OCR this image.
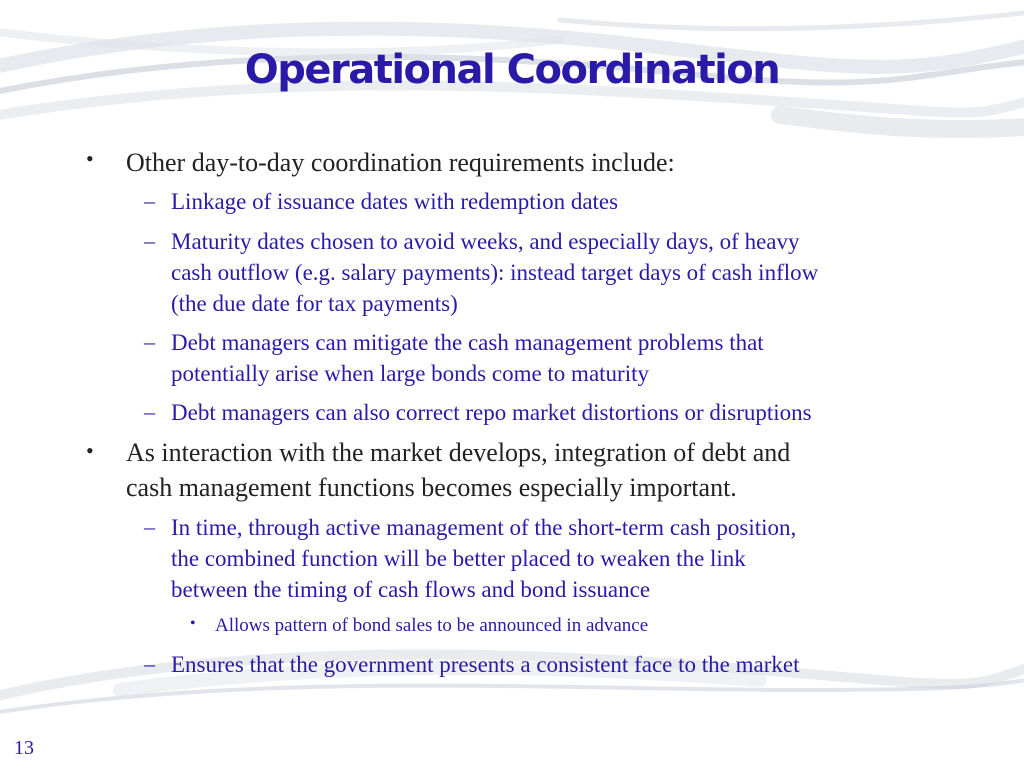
Operational Coordination
• Other day-to-day coordination requirements include:

– Linkage of issuance dates with redemption dates

– Maturity dates chosen to avoid weeks, and especially days, of heavy

cash outflow (e.g. salary payments): instead target days of cash inflow

(the due date for tax payments)

– Debt managers can mitigate the cash management problems that

potentially arise when large bonds come to maturity

– Debt managers can also correct repo market distortions or disruptions

• As interaction with the market develops, integration of debt and

cash management functions becomes especially important.

– In time, through active management of the short-term cash position,

the combined function will be better placed to weaken the link

between the timing of cash flows and bond issuance

• Allows pattern of bond sales to be announced in advance

– Ensures that the government presents a consistent face to the market

13
